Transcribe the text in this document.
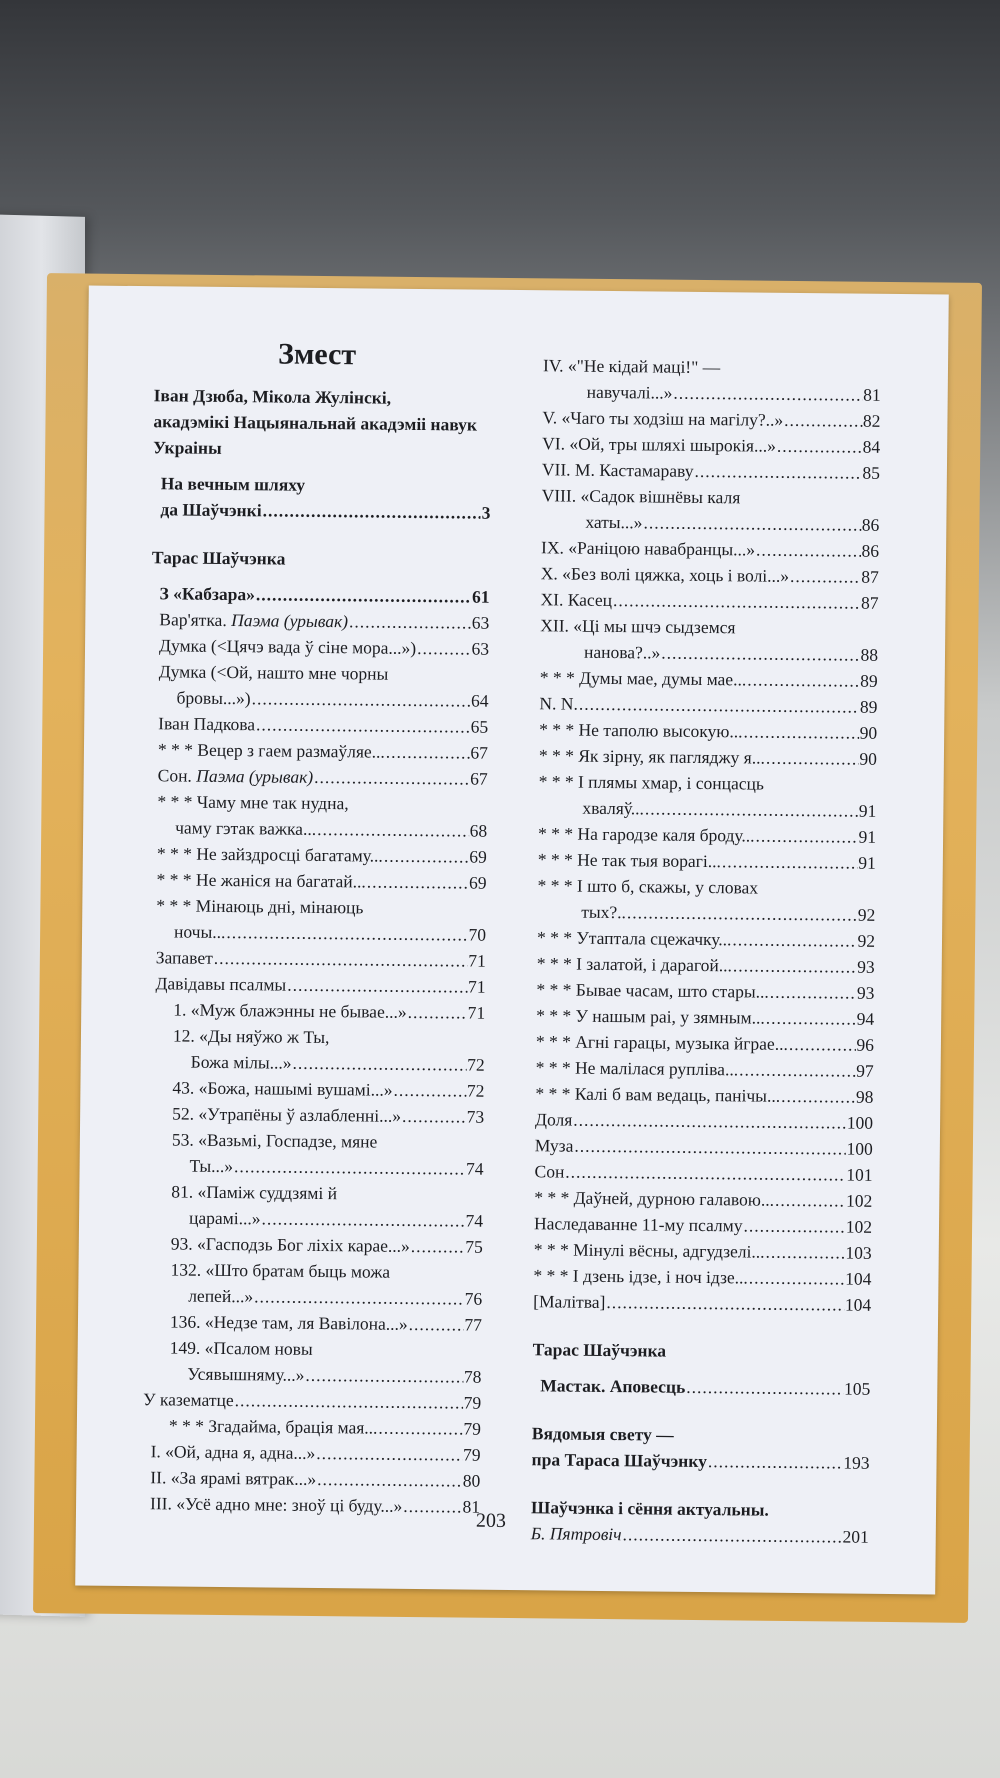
Змест
Іван Дзюба, Мікола Жулінскі,
акадэмікі Нацыянальнай акадэміі навук
Украіны
На вечным шляху
да Шаўчэнкі .....	3
Тарас Шаўчэнка
З «Кабзара» .....	61
Вар'ятка. Паэма (урывак) .....	63
Думка (<Цячэ вада ў сіне мора...») .....	63
Думка (<Ой, нашто мне чорны
бровы...») .....	64
Іван Падкова .....	65
* * * Вецер з гаем размаўляе... .....	67
Сон. Паэма (урывак) .....	67
* * * Чаму мне так нудна,
чаму гэтак важка... .....	68
* * * Не зайздросці багатаму... .....	69
* * * Не жаніся на багатай... .....	69
* * * Мінаюць дні, мінаюць
ночы... .....	70
Запавет .....	71
Давідавы псалмы .....	71
1. «Муж блажэнны не бывае...» .....	71
12. «Ды няўжо ж Ты,
Божа мілы...» .....	72
43. «Божа, нашымі вушамі...» .....	72
52. «Утрапёны ў азлабленні...» .....	73
53. «Вазьмі, Госпадзе, мяне
Ты...» .....	74
81. «Паміж суддзямі й
царамі...» .....	74
93. «Гасподзь Бог ліхіх карае...» .....	75
132. «Што братам быць можа
лепей...» .....	76
136. «Недзе там, ля Вавілона...» .....	77
149. «Псалом новы
Усявышняму...» .....	78
У казематце .....	79
* * * Згадайма, брація мая... .....	79
I. «Ой, адна я, адна...» .....	79
II. «За ярамі вятрак...» .....	80
III. «Усё адно мне: зноў ці буду...» .....	81
IV. «"Не кідай маці!" —
навучалі...» .....	81
V. «Чаго ты ходзіш на магілу?..» .....	82
VI. «Ой, тры шляхі шырокія...» .....	84
VII. М. Кастамараву .....	85
VIII. «Садок вішнёвы каля
хаты...» .....	86
IX. «Раніцою навабранцы...» .....	86
X. «Без волі цяжка, хоць і волі...» .....	87
XI. Касец .....	87
XII. «Ці мы шчэ сыдземся
нанова?..» .....	88
* * * Думы мае, думы мае... .....	89
N. N. .....	89
* * * Не таполю высокую... .....	90
* * * Як зірну, як пагляджу я... .....	90
* * * І плямы хмар, і сонцасць
хваляў... .....	91
* * * На гародзе каля броду... .....	91
* * * Не так тыя ворагі... .....	91
* * * І што б, скажы, у словах
тых?.. .....	92
* * * Утаптала сцежачку... .....	92
* * * І залатой, і дарагой... .....	93
* * * Бывае часам, што стары... .....	93
* * * У нашым раі, у зямным... .....	94
* * * Агні гарацы, музыка йграе... .....	96
* * * Не малілася рупліва... .....	97
* * * Калі б вам ведаць, панічы... .....	98
Доля .....	100
Муза .....	100
Сон .....	101
* * * Даўней, дурною галавою... .....	102
Наследаванне 11-му псалму .....	102
* * * Мінулі вёсны, адгудзелі... .....	103
* * * І дзень ідзе, і ноч ідзе... .....	104
[Малітва] .....	104
Тарас Шаўчэнка
Мастак. Аповесць .....	105
Вядомыя свету —
пра Тараса Шаўчэнку .....	193
Шаўчэнка і сёння актуальны.
Б. Пятровіч .....	201
203
